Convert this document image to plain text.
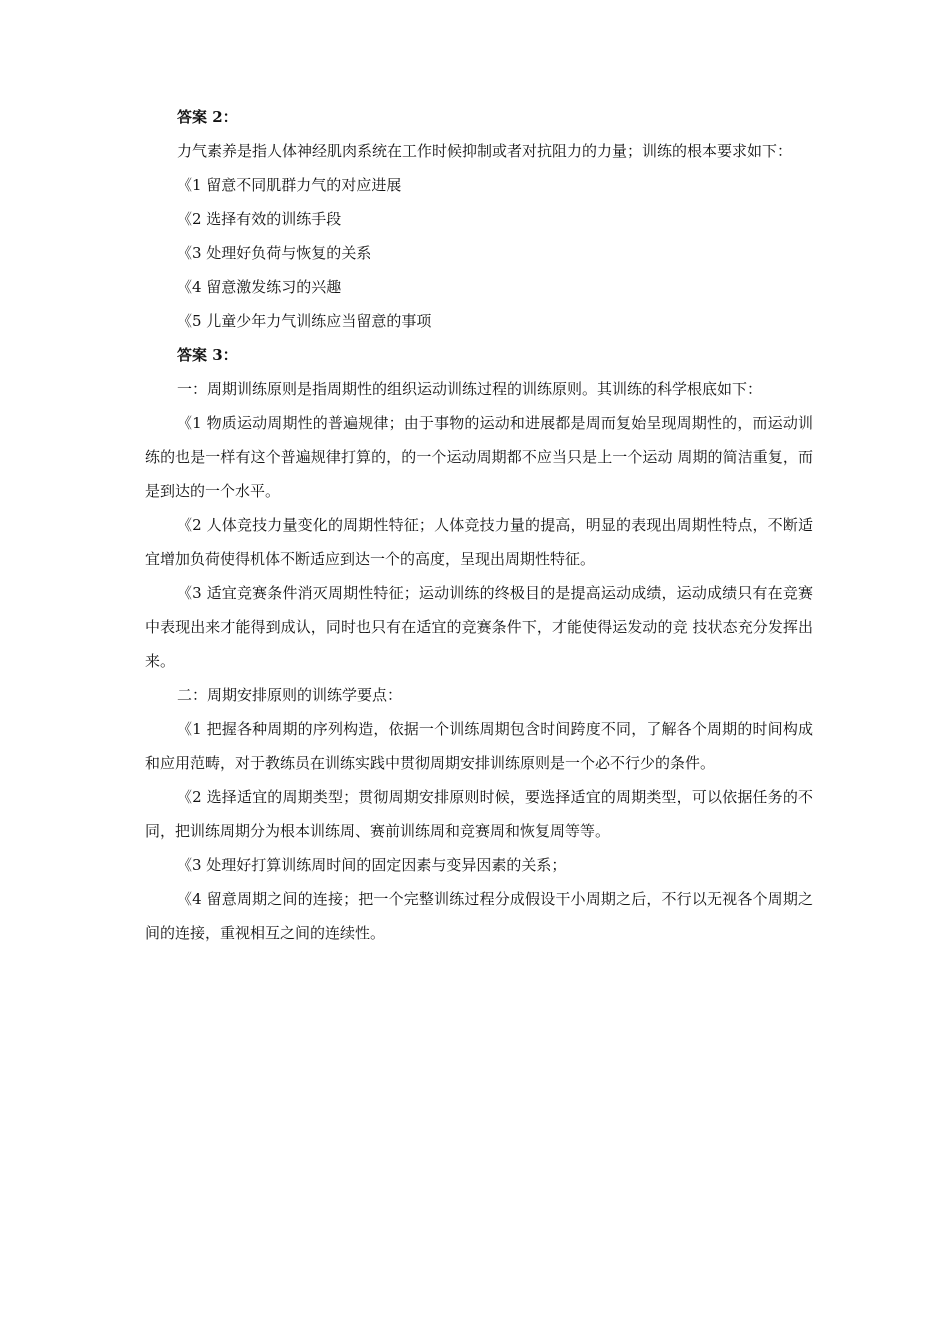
答案 2：

力气素养是指人体神经肌肉系统在工作时候抑制或者对抗阻力的力量；训练的根本要求如下：

《1 留意不同肌群力气的对应进展

《2 选择有效的训练手段

《3 处理好负荷与恢复的关系

《4 留意激发练习的兴趣

《5 儿童少年力气训练应当留意的事项

答案 3：

一：周期训练原则是指周期性的组织运动训练过程的训练原则。其训练的科学根底如下：

《1 物质运动周期性的普遍规律；由于事物的运动和进展都是周而复始呈现周期性的，而运动训练的也是一样有这个普遍规律打算的，的一个运动周期都不应当只是上一个运动 周期的简洁重复，而是到达的一个水平。

《2 人体竞技力量变化的周期性特征；人体竞技力量的提高，明显的表现出周期性特点，不断适宜增加负荷使得机体不断适应到达一个的高度，呈现出周期性特征。

《3 适宜竞赛条件消灭周期性特征；运动训练的终极目的是提高运动成绩，运动成绩只有在竞赛中表现出来才能得到成认，同时也只有在适宜的竞赛条件下，才能使得运发动的竞 技状态充分发挥出来。

二：周期安排原则的训练学要点：

《1 把握各种周期的序列构造，依据一个训练周期包含时间跨度不同，了解各个周期的时间构成和应用范畴，对于教练员在训练实践中贯彻周期安排训练原则是一个必不行少的条件。

《2 选择适宜的周期类型；贯彻周期安排原则时候，要选择适宜的周期类型，可以依据任务的不同，把训练周期分为根本训练周、赛前训练周和竞赛周和恢复周等等。

《3 处理好打算训练周时间的固定因素与变异因素的关系；

《4 留意周期之间的连接；把一个完整训练过程分成假设干小周期之后，不行以无视各个周期之间的连接，重视相互之间的连续性。
